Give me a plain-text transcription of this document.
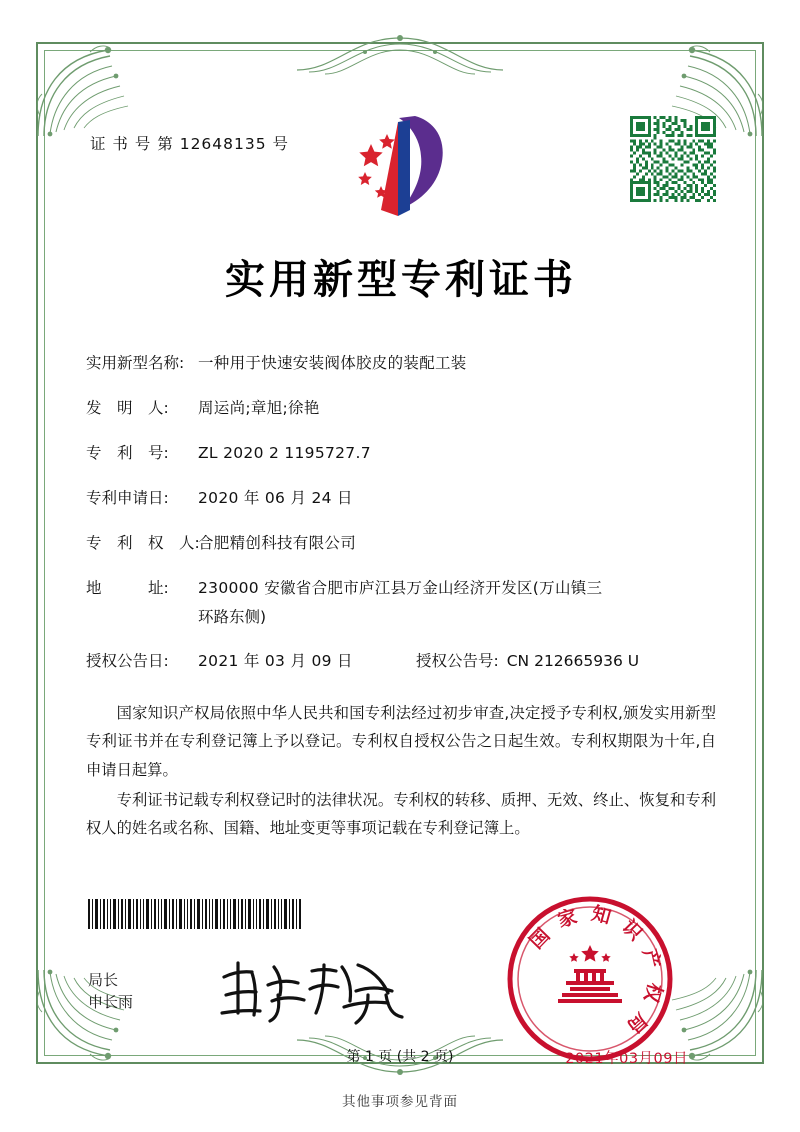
证 书 号 第 12648135 号
实用新型专利证书
实用新型名称: 一种用于快速安装阀体胶皮的装配工装
发　明　人:	周运尚;章旭;徐艳
专　利　号:	ZL 2020 2 1195727.7
专利申请日:	2020 年 06 月 24 日
专　利　权　人:
合肥精创科技有限公司
地　　　址:	230000 安徽省合肥市庐江县万金山经济开发区(万山镇三
环路东侧)
授权公告日:	2021 年 03 月 09 日	授权公告号: CN 212665936 U

国家知识产权局依照中华人民共和国专利法经过初步审查,决定授予专利权,颁发实用新型专利证书并在专利登记簿上予以登记。专利权自授权公告之日起生效。专利权期限为十年,自申请日起算。

专利证书记载专利权登记时的法律状况。专利权的转移、质押、无效、终止、恢复和专利权人的姓名或名称、国籍、地址变更等事项记载在专利登记簿上。

局长
申长雨
国家知识产权局
2021年03月09日
第 1 页 (共 2 页)
其他事项参见背面
